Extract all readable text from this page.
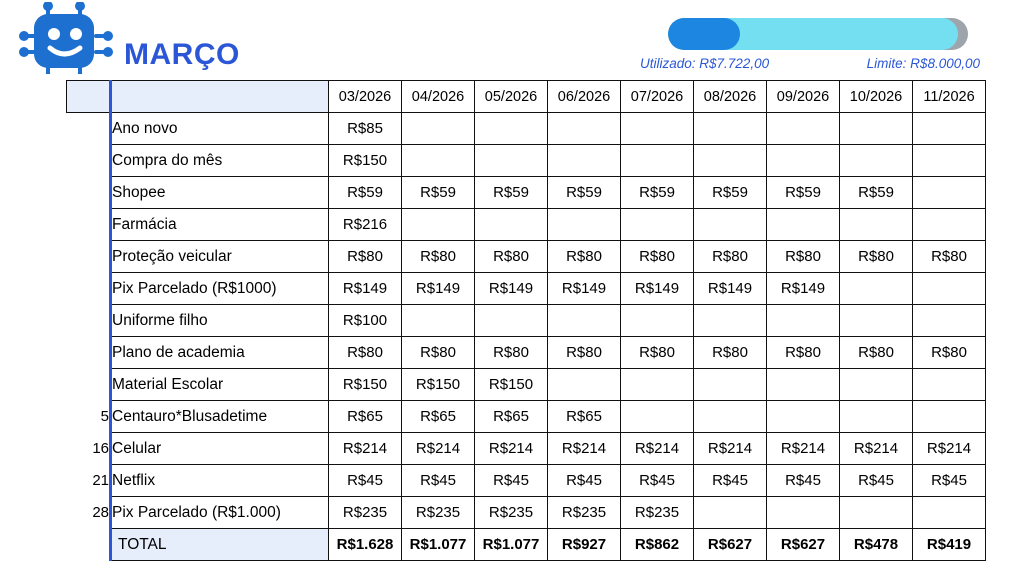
MARÇO	Utilizado: R$7.722,00	Limite: R$8.000,00
		03/2026	04/2026	05/2026	06/2026	07/2026	08/2026	09/2026	10/2026	11/2026
	Ano novo	R$85								
	Compra do mês	R$150								
	Shopee	R$59	R$59	R$59	R$59	R$59	R$59	R$59	R$59	
	Farmácia	R$216								
	Proteção veicular	R$80	R$80	R$80	R$80	R$80	R$80	R$80	R$80	R$80
	Pix Parcelado (R$1000)	R$149	R$149	R$149	R$149	R$149	R$149	R$149		
	Uniforme filho	R$100								
	Plano de academia	R$80	R$80	R$80	R$80	R$80	R$80	R$80	R$80	R$80
	Material Escolar	R$150	R$150	R$150						
5	Centauro*Blusadetime	R$65	R$65	R$65	R$65					
16	Celular	R$214	R$214	R$214	R$214	R$214	R$214	R$214	R$214	R$214
21	Netflix	R$45	R$45	R$45	R$45	R$45	R$45	R$45	R$45	R$45
28	Pix Parcelado (R$1.000)	R$235	R$235	R$235	R$235	R$235				
	TOTAL	R$1.628	R$1.077	R$1.077	R$927	R$862	R$627	R$627	R$478	R$419
